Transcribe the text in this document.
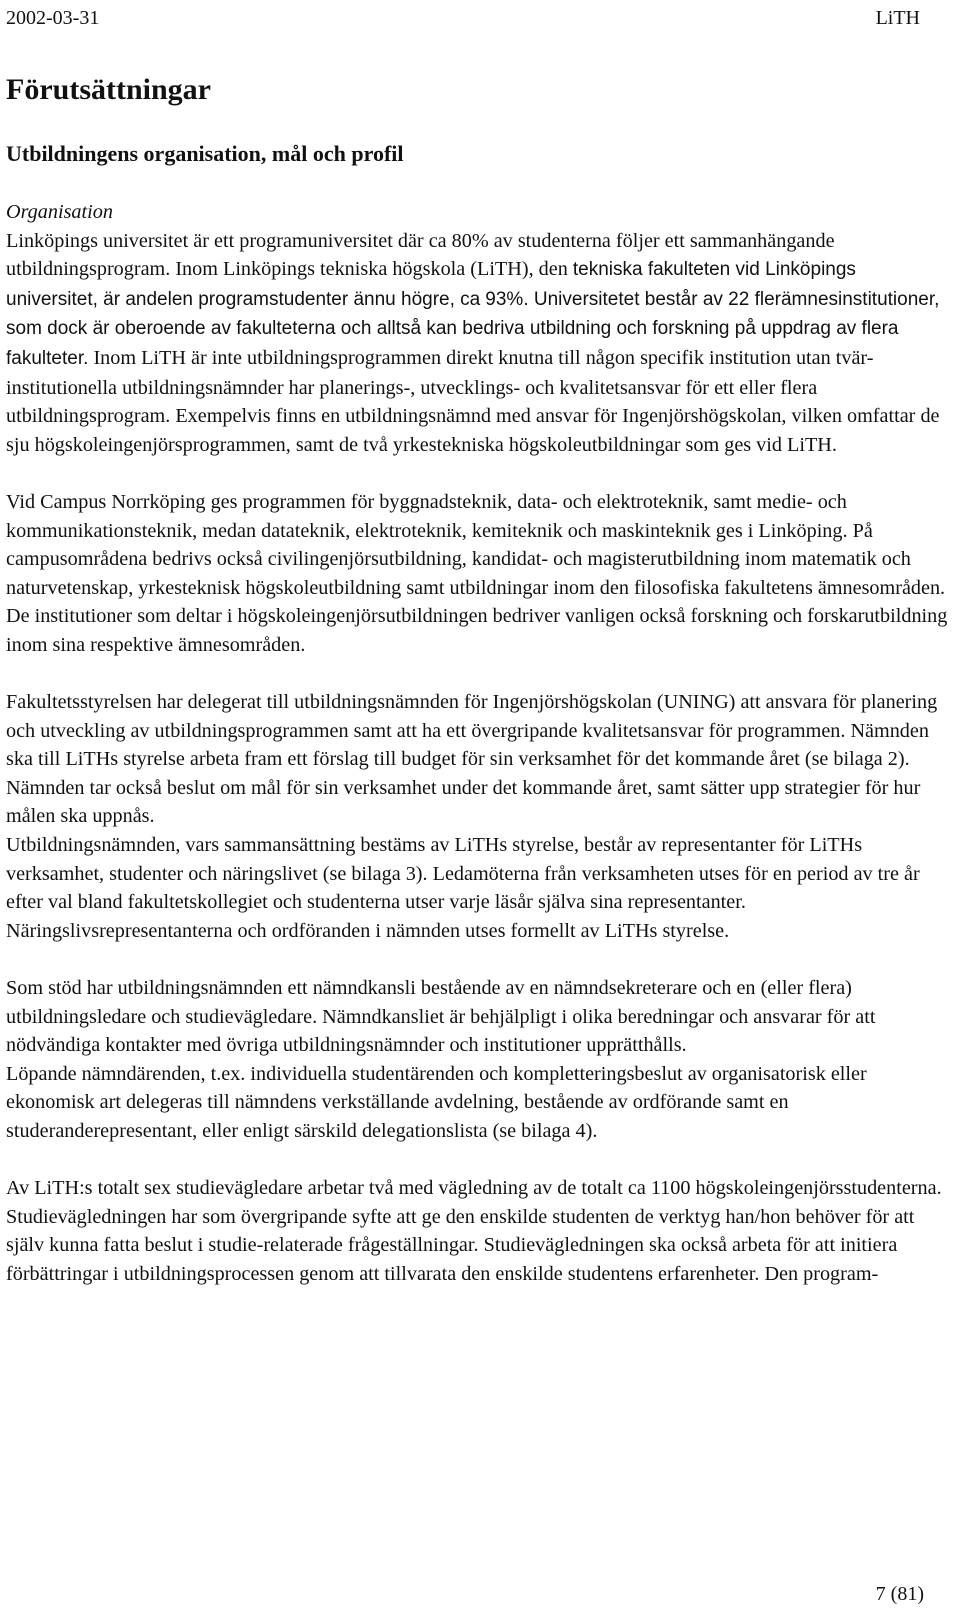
2002-03-31	LiTH
Förutsättningar
Utbildningens organisation, mål och profil

Organisation
Linköpings universitet är ett programuniversitet där ca 80% av studenterna följer ett sammanhängande utbildningsprogram. Inom Linköpings tekniska högskola (LiTH), den tekniska fakulteten vid Linköpings universitet, är andelen programstudenter ännu högre, ca 93%. Universitetet består av 22 flerämnesinstitutioner, som dock är oberoende av fakulteterna och alltså kan bedriva utbildning och forskning på uppdrag av flera fakulteter. Inom LiTH är inte utbildningsprogrammen direkt knutna till någon specifik institution utan tvär-institutionella utbildningsnämnder har planerings-, utvecklings- och kvalitetsansvar för ett eller flera utbildningsprogram. Exempelvis finns en utbildningsnämnd med ansvar för Ingenjörshögskolan, vilken omfattar de sju högskoleingenjörsprogrammen, samt de två yrkestekniska högskoleutbildningar som ges vid LiTH.

Vid Campus Norrköping ges programmen för byggnadsteknik, data- och elektroteknik, samt medie- och kommunikationsteknik, medan datateknik, elektroteknik, kemiteknik och maskinteknik ges i Linköping. På campusområdena bedrivs också civilingenjörsutbildning, kandidat- och magisterutbildning inom matematik och naturvetenskap, yrkesteknisk högskoleutbildning samt utbildningar inom den filosofiska fakultetens ämnesområden. De institutioner som deltar i högskoleingenjörsutbildningen bedriver vanligen också forskning och forskarutbildning inom sina respektive ämnesområden.

Fakultetsstyrelsen har delegerat till utbildningsnämnden för Ingenjörshögskolan (UNING) att ansvara för planering och utveckling av utbildningsprogrammen samt att ha ett övergripande kvalitetsansvar för programmen. Nämnden ska till LiTHs styrelse arbeta fram ett förslag till budget för sin verksamhet för det kommande året (se bilaga 2). Nämnden tar också beslut om mål för sin verksamhet under det kommande året, samt sätter upp strategier för hur målen ska uppnås.

Utbildningsnämnden, vars sammansättning bestäms av LiTHs styrelse, består av representanter för LiTHs verksamhet, studenter och näringslivet (se bilaga 3). Ledamöterna från verksamheten utses för en period av tre år efter val bland fakultetskollegiet och studenterna utser varje läsår själva sina representanter. Näringslivsrepresentanterna och ordföranden i nämnden utses formellt av LiTHs styrelse.

Som stöd har utbildningsnämnden ett nämndkansli bestående av en nämndsekreterare och en (eller flera) utbildningsledare och studievägledare. Nämndkansliet är behjälpligt i olika beredningar och ansvarar för att nödvändiga kontakter med övriga utbildningsnämnder och institutioner upprätthålls.

Löpande nämndärenden, t.ex. individuella studentärenden och kompletteringsbeslut av organisatorisk eller ekonomisk art delegeras till nämndens verkställande avdelning, bestående av ordförande samt en studeranderepresentant, eller enligt särskild delegationslista (se bilaga 4).

Av LiTH:s totalt sex studievägledare arbetar två med vägledning av de totalt ca 1100 högskoleingenjörsstudenterna. Studievägledningen har som övergripande syfte att ge den enskilde studenten de verktyg han/hon behöver för att själv kunna fatta beslut i studie-relaterade frågeställningar. Studievägledningen ska också arbeta för att initiera förbättringar i utbildningsprocessen genom att tillvarata den enskilde studentens erfarenheter. Den program-

7 (81)
